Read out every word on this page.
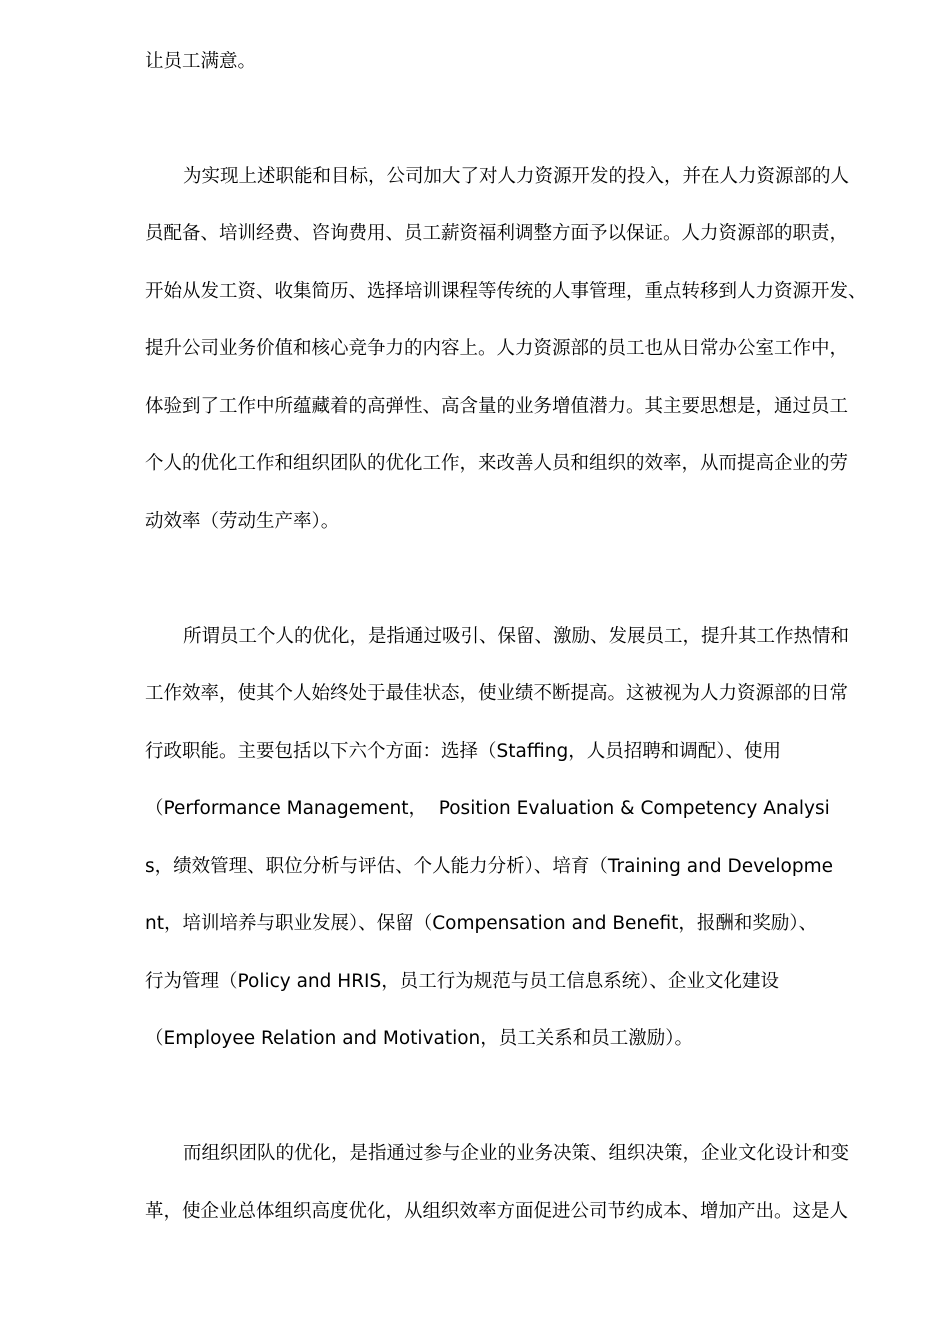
让员工满意。
为实现上述职能和目标，公司加大了对人力资源开发的投入，并在人力资源部的人
员配备、培训经费、咨询费用、员工薪资福利调整方面予以保证。人力资源部的职责，
开始从发工资、收集简历、选择培训课程等传统的人事管理，重点转移到人力资源开发、
提升公司业务价值和核心竞争力的内容上。人力资源部的员工也从日常办公室工作中，
体验到了工作中所蕴藏着的高弹性、高含量的业务增值潜力。其主要思想是，通过员工
个人的优化工作和组织团队的优化工作，来改善人员和组织的效率，从而提高企业的劳
动效率（劳动生产率）。
所谓员工个人的优化，是指通过吸引、保留、激励、发展员工，提升其工作热情和
工作效率，使其个人始终处于最佳状态，使业绩不断提高。这被视为人力资源部的日常
行政职能。主要包括以下六个方面：选择（Staffing，人员招聘和调配）、使用
（Performance Management，  Position Evaluation & Competency Analysi
s，绩效管理、职位分析与评估、个人能力分析）、培育（Training and Developme
nt，培训培养与职业发展）、保留（Compensation and Benefit，报酬和奖励）、
行为管理（Policy and HRIS，员工行为规范与员工信息系统）、企业文化建设
（Employee Relation and Motivation，员工关系和员工激励）。
而组织团队的优化，是指通过参与企业的业务决策、组织决策，企业文化设计和变
革，使企业总体组织高度优化，从组织效率方面促进公司节约成本、增加产出。这是人
